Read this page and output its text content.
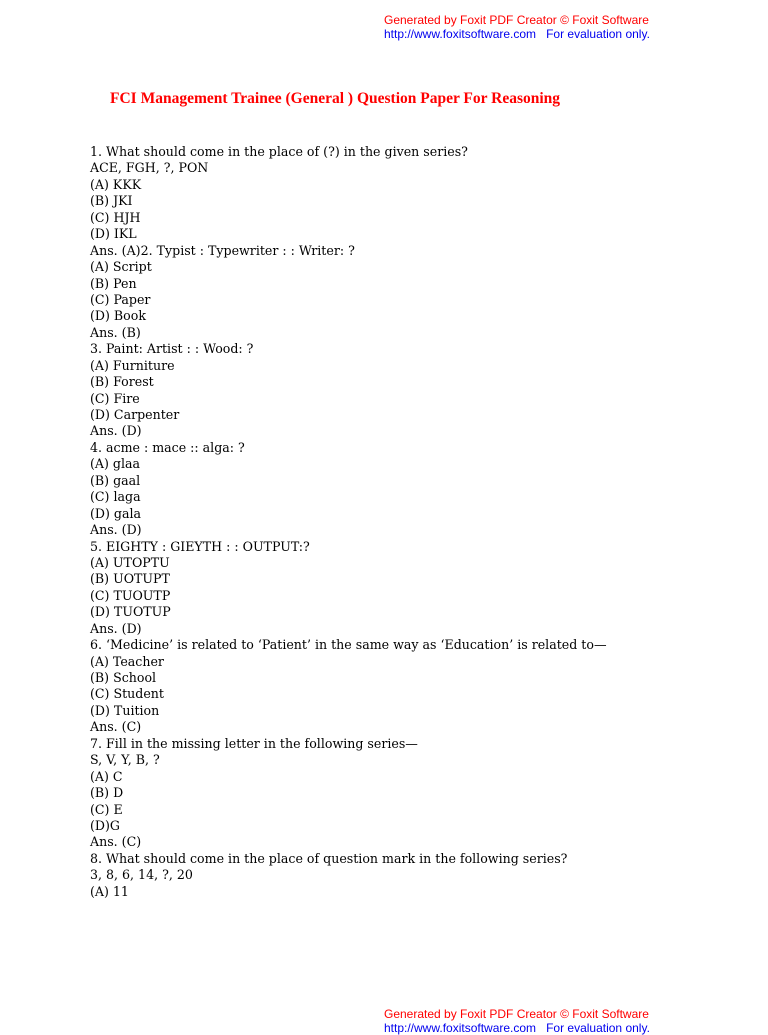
Generated by Foxit PDF Creator © Foxit Software
http://www.foxitsoftware.com For evaluation only.
FCI Management Trainee (General ) Question Paper For Reasoning
1. What should come in the place of (?) in the given series?
ACE, FGH, ?, PON
(A) KKK
(B) JKI
(C) HJH
(D) IKL
Ans. (A)2. Typist : Typewriter : : Writer: ?
(A) Script
(B) Pen
(C) Paper
(D) Book
Ans. (B)
3. Paint: Artist : : Wood: ?
(A) Furniture
(B) Forest
(C) Fire
(D) Carpenter
Ans. (D)
4. acme : mace :: alga: ?
(A) glaa
(B) gaal
(C) laga
(D) gala
Ans. (D)
5. EIGHTY : GIEYTH : : OUTPUT:?
(A) UTOPTU
(B) UOTUPT
(C) TUOUTP
(D) TUOTUP
Ans. (D)
6. ‘Medicine’ is related to ‘Patient’ in the same way as ‘Education’ is related to—
(A) Teacher
(B) School
(C) Student
(D) Tuition
Ans. (C)
7. Fill in the missing letter in the following series—
S, V, Y, B, ?
(A) C
(B) D
(C) E
(D)G
Ans. (C)
8. What should come in the place of question mark in the following series?
3, 8, 6, 14, ?, 20
(A) 11
Generated by Foxit PDF Creator © Foxit Software
http://www.foxitsoftware.com For evaluation only.
